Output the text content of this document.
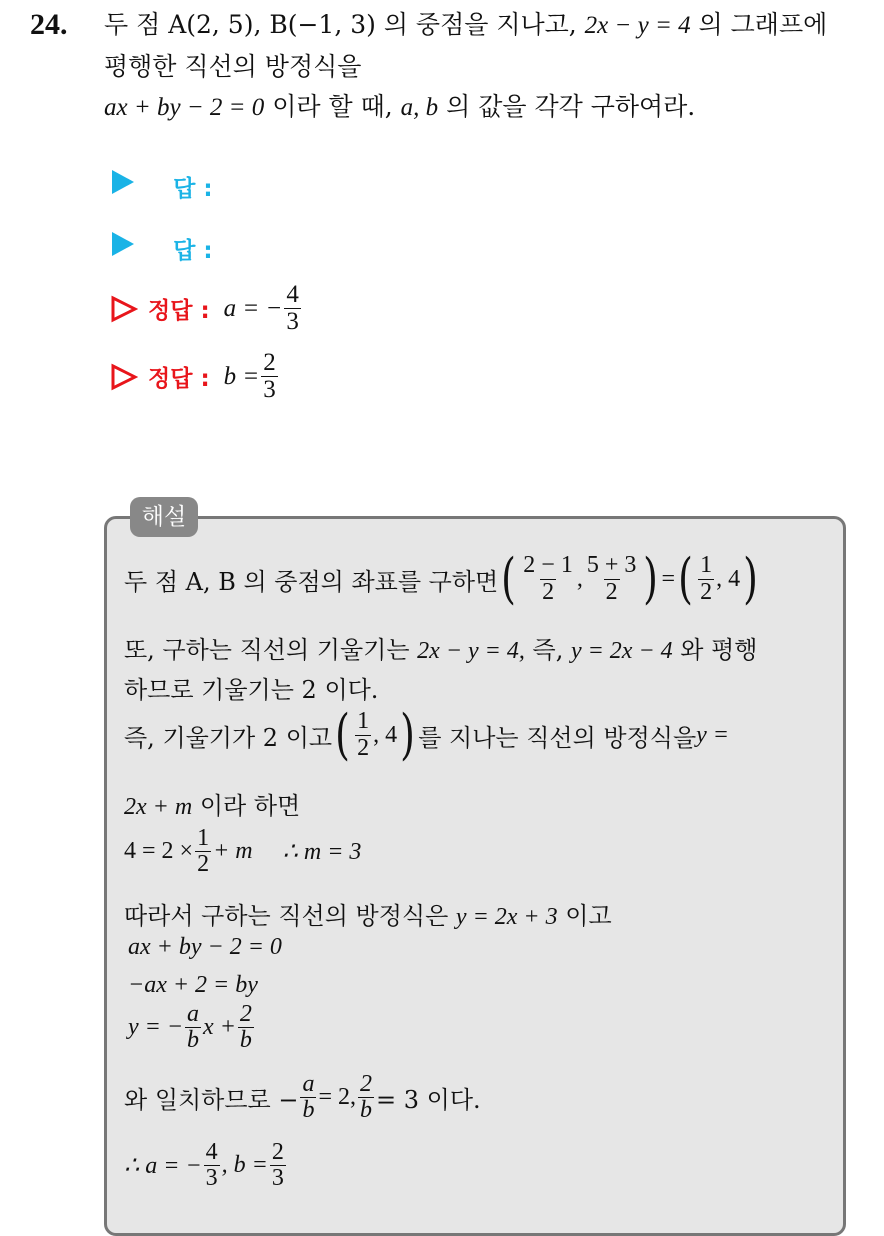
24. 두 점 A(2, 5), B(−1, 3) 의 중점을 지나고, 2x − y = 4 의 그래프에
평행한 직선의 방정식을
ax + by − 2 = 0 이라 할 때, a, b 의 값을 각각 구하여라.
답 :
답 :
정답 : a = − $\frac{4}{3}$
정답 : $b = \frac{2}{3}$
해설
두 점 A, B 의 중점의 좌표를 구하면 ( $\frac{2 - 1}{2}$ , $\frac{5 + 3}{2}$ ) = ( $\frac{1}{2}$ , 4 )
또, 구하는 직선의 기울기는 2x − y = 4, 즉, y = 2x − 4 와 평행
하므로 기울기는 2 이다.
즉, 기울기가 2 이고 ( $\frac{1}{2}$ , 4 ) 를 지나는 직선의 방정식을 y =
2x + m 이라 하면
$4 = 2 \times \frac{1}{2} + m$ ∴ m = 3
따라서 구하는 직선의 방정식은 y = 2x + 3 이고
ax + by − 2 = 0
−ax + 2 = by
y = − $\frac{a}{b}$ $x + \frac{2}{b}$
와 일치하므로 − $\frac{a}{b} = 2$, $\frac{2}{b} = 3$ 이다.
∴ a = − $\frac{4}{3}$ , $b = \frac{2}{3}$
